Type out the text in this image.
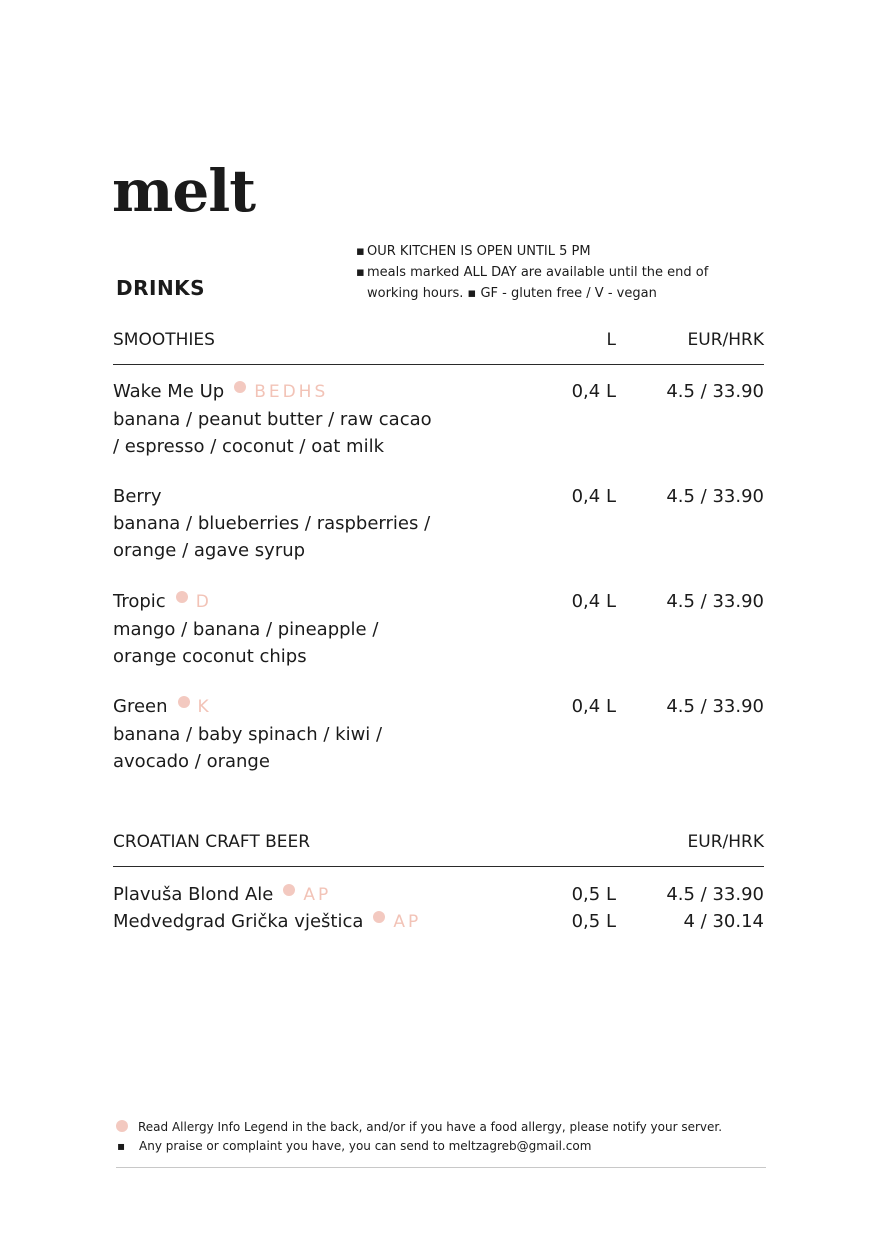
melt
DRINKS
▪ OUR KITCHEN IS OPEN UNTIL 5 PM
▪ meals marked ALL DAY are available until the end of
working hours. ▪ GF - gluten free / V - vegan
SMOOTHIES	L	EUR/HRK
Wake Me Up BEDHS
banana / peanut butter / raw cacao / espresso / coconut / oat milk
0,4 L	4.5 / 33.90
Berry
banana / blueberries / raspberries / orange / agave syrup
0,4 L	4.5 / 33.90
Tropic D
mango / banana / pineapple / orange coconut chips
0,4 L	4.5 / 33.90
Green K
banana / baby spinach / kiwi / avocado / orange
0,4 L	4.5 / 33.90
CROATIAN CRAFT BEER	EUR/HRK
Plavuša Blond Ale AP	0,5 L	4.5 / 33.90
Medvedgrad Grička vještica AP	0,5 L	4 / 30.14
Read Allergy Info Legend in the back, and/or if you have a food allergy, please notify your server.
▪ Any praise or complaint you have, you can send to meltzagreb@gmail.com
